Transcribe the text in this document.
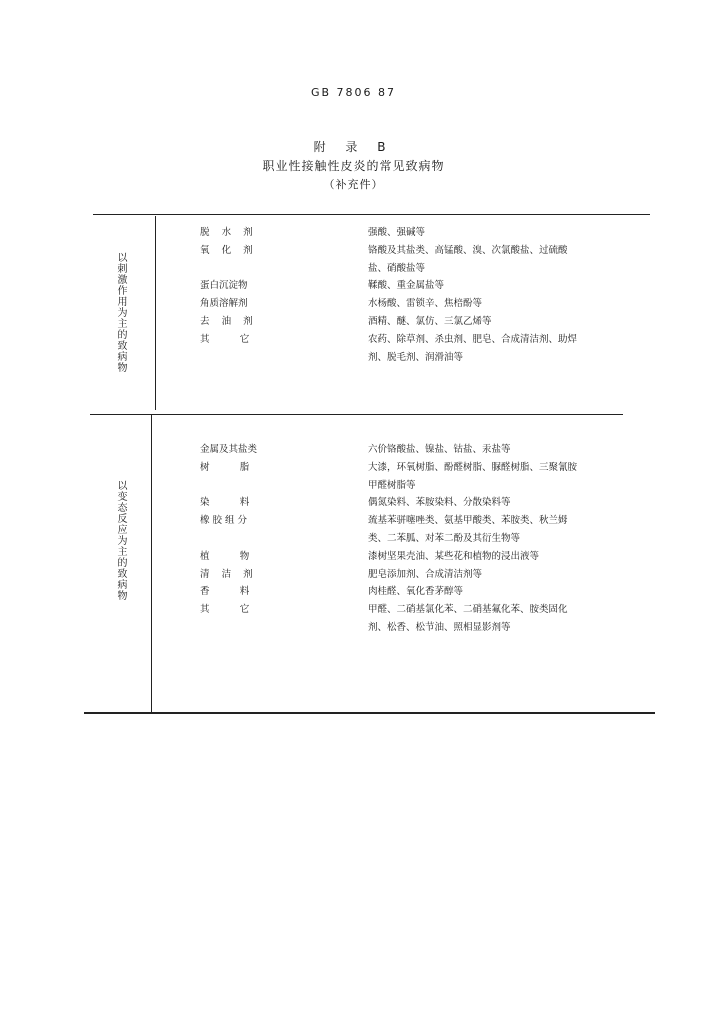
GB 7806 87
附 录 B
职业性接触性皮炎的常见致病物
（补充件）
以刺激作用为主的致病物
脱    水    剂	强酸、强碱等
氧    化    剂	铬酸及其盐类、高锰酸、溴、次氯酸盐、过硫酸盐、硝酸盐等
蛋白沉淀物	鞣酸、重金属盐等
角质溶解剂	水杨酸、雷锁辛、焦棓酚等
去    油    剂	酒精、醚、氯仿、三氯乙烯等
其          它	农药、除草剂、杀虫剂、肥皂、合成清洁剂、助焊剂、脱毛剂、润滑油等
以变态反应为主的致病物
金属及其盐类	六价铬酸盐、镍盐、钴盐、汞盐等
树          脂	大漆，环氧树脂、酚醛树脂、脲醛树脂、三聚氰胺甲醛树脂等
染          料	偶氮染料、苯胺染料、分散染料等
橡 胶 组 分	巯基苯骈噻唑类、氨基甲酸类、苯胺类、秋兰姆类、二苯胍、对苯二酚及其衍生物等
植          物	漆树坚果壳油、某些花和植物的浸出液等
清    洁    剂	肥皂添加剂、合成清洁剂等
香          料	肉桂醛、氧化香茅醇等
其          它	甲醛、二硝基氯化苯、二硝基氟化苯、胺类固化剂、松香、松节油、照相显影剂等
